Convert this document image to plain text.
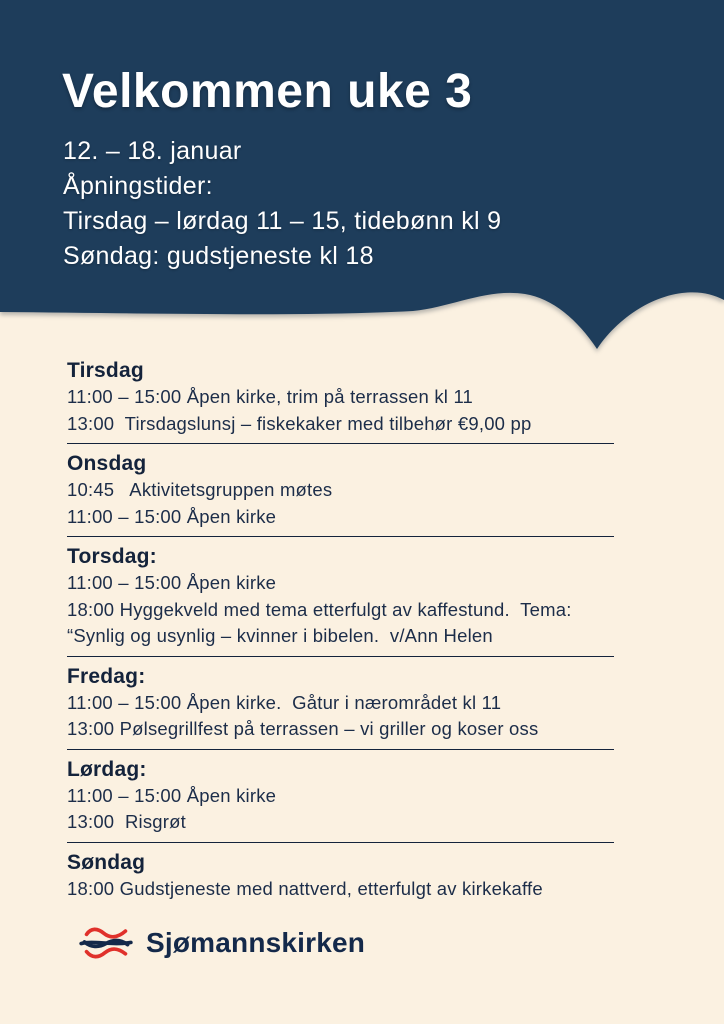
Velkommen uke 3
12. – 18. januar
Åpningstider:
Tirsdag – lørdag 11 – 15, tidebønn kl 9
Søndag: gudstjeneste kl 18
Tirsdag
11:00 – 15:00 Åpen kirke, trim på terrassen kl 11
13:00  Tirsdagslunsj – fiskekaker med tilbehør €9,00 pp
Onsdag
10:45   Aktivitetsgruppen møtes
11:00 – 15:00 Åpen kirke
Torsdag:
11:00 – 15:00 Åpen kirke
18:00 Hyggekveld med tema etterfulgt av kaffestund.  Tema:
“Synlig og usynlig – kvinner i bibelen.  v/Ann Helen
Fredag:
11:00 – 15:00 Åpen kirke.  Gåtur i nærområdet kl 11
13:00 Pølsegrillfest på terrassen – vi griller og koser oss
Lørdag:
11:00 – 15:00 Åpen kirke
13:00  Risgrøt
Søndag
18:00 Gudstjeneste med nattverd, etterfulgt av kirkekaffe
Sjømannskirken
